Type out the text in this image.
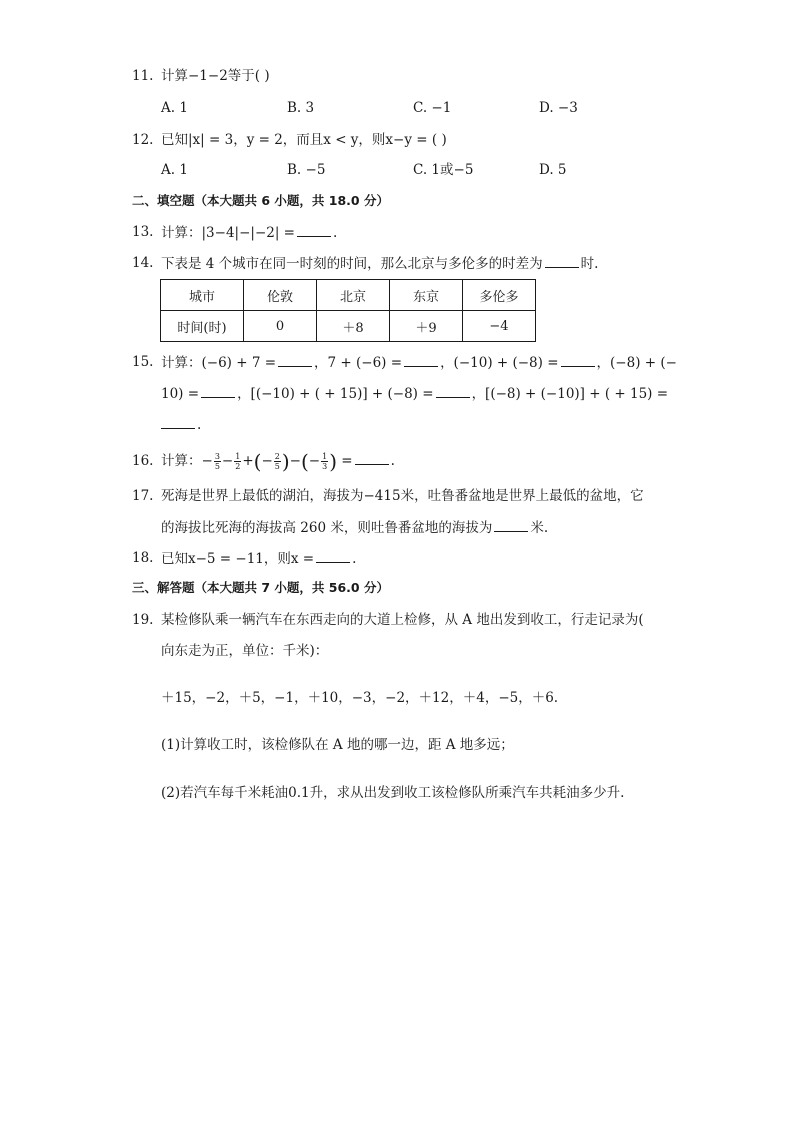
11. 计算−1−2等于( )
A. 1	B. 3	C. −1	D. −3
12. 已知|x| = 3，y = 2，而且x < y，则x−y = ( )
A. 1	B. −5	C. 1或−5	D. 5
二、填空题（本大题共 6 小题，共 18.0 分）
13. 计算：|3−4|−|−2| =	.
14. 下表是 4 个城市在同一时刻的时间，那么北京与多伦多的时差为	时.
城市	伦敦	北京	东京	多伦多
时间(时)	0	＋8	＋9	−4
15. 计算：(−6) + 7 =	，7 + (−6) =	，(−10) + (−8) =	，(−8) + (−
10) =	，[(−10) + ( + 15)] + (−8) =	，[(−8) + (−10)] + ( + 15) =
.
16. 计算：− $\frac{3}{5} - \frac{1}{2}$ +(− $\frac{2}{5}$ )−(− $\frac{1}{3}$ ) =	.
17. 死海是世界上最低的湖泊，海拔为−415米，吐鲁番盆地是世界上最低的盆地，它
的海拔比死海的海拔高 260 米，则吐鲁番盆地的海拔为	米.
18. 已知x−5 = −11，则x =	.
三、解答题（本大题共 7 小题，共 56.0 分）
19. 某检修队乘一辆汽车在东西走向的大道上检修，从 A 地出发到收工，行走记录为(
向东走为正，单位：千米)：
＋15，−2，＋5，−1，＋10，−3，−2，＋12，＋4，−5，＋6.
(1)计算收工时，该检修队在 A 地的哪一边，距 A 地多远；
(2)若汽车每千米耗油0.1升，求从出发到收工该检修队所乘汽车共耗油多少升.
